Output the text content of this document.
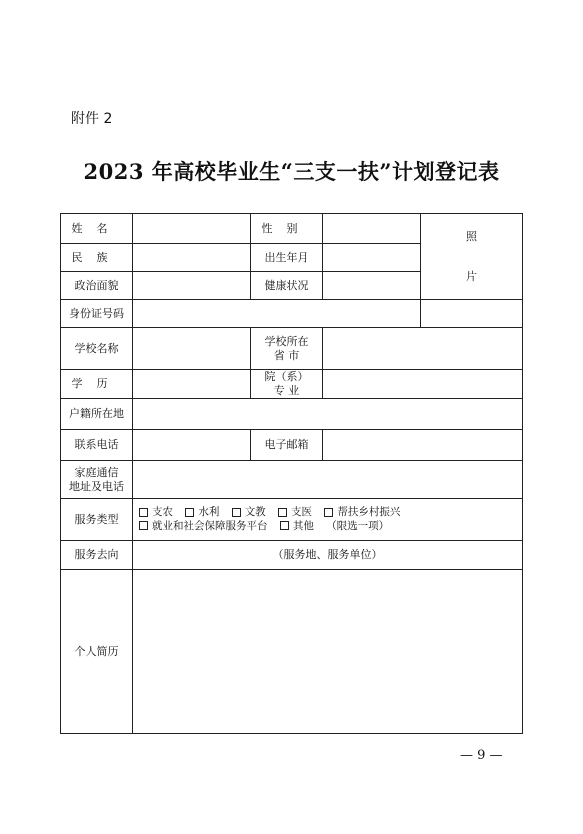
附件 2
2023 年高校毕业生“三支一扶”计划登记表
姓名		性别		照
片

民族		出生年月		
政治面貌		健康状况		
身份证号码				
学校名称		学校所在
省 市		

学历		院（系）
专 业		

户籍所在地				
联系电话		电子邮箱		

家庭通信
地址及电话				

服务类型	支农 水利 文教 支医 帮扶乡村振兴
就业和社会保障服务平台 其他 （限选一项）			

服务去向	（服务地、服务单位）			
个人简历				
— 9 —
